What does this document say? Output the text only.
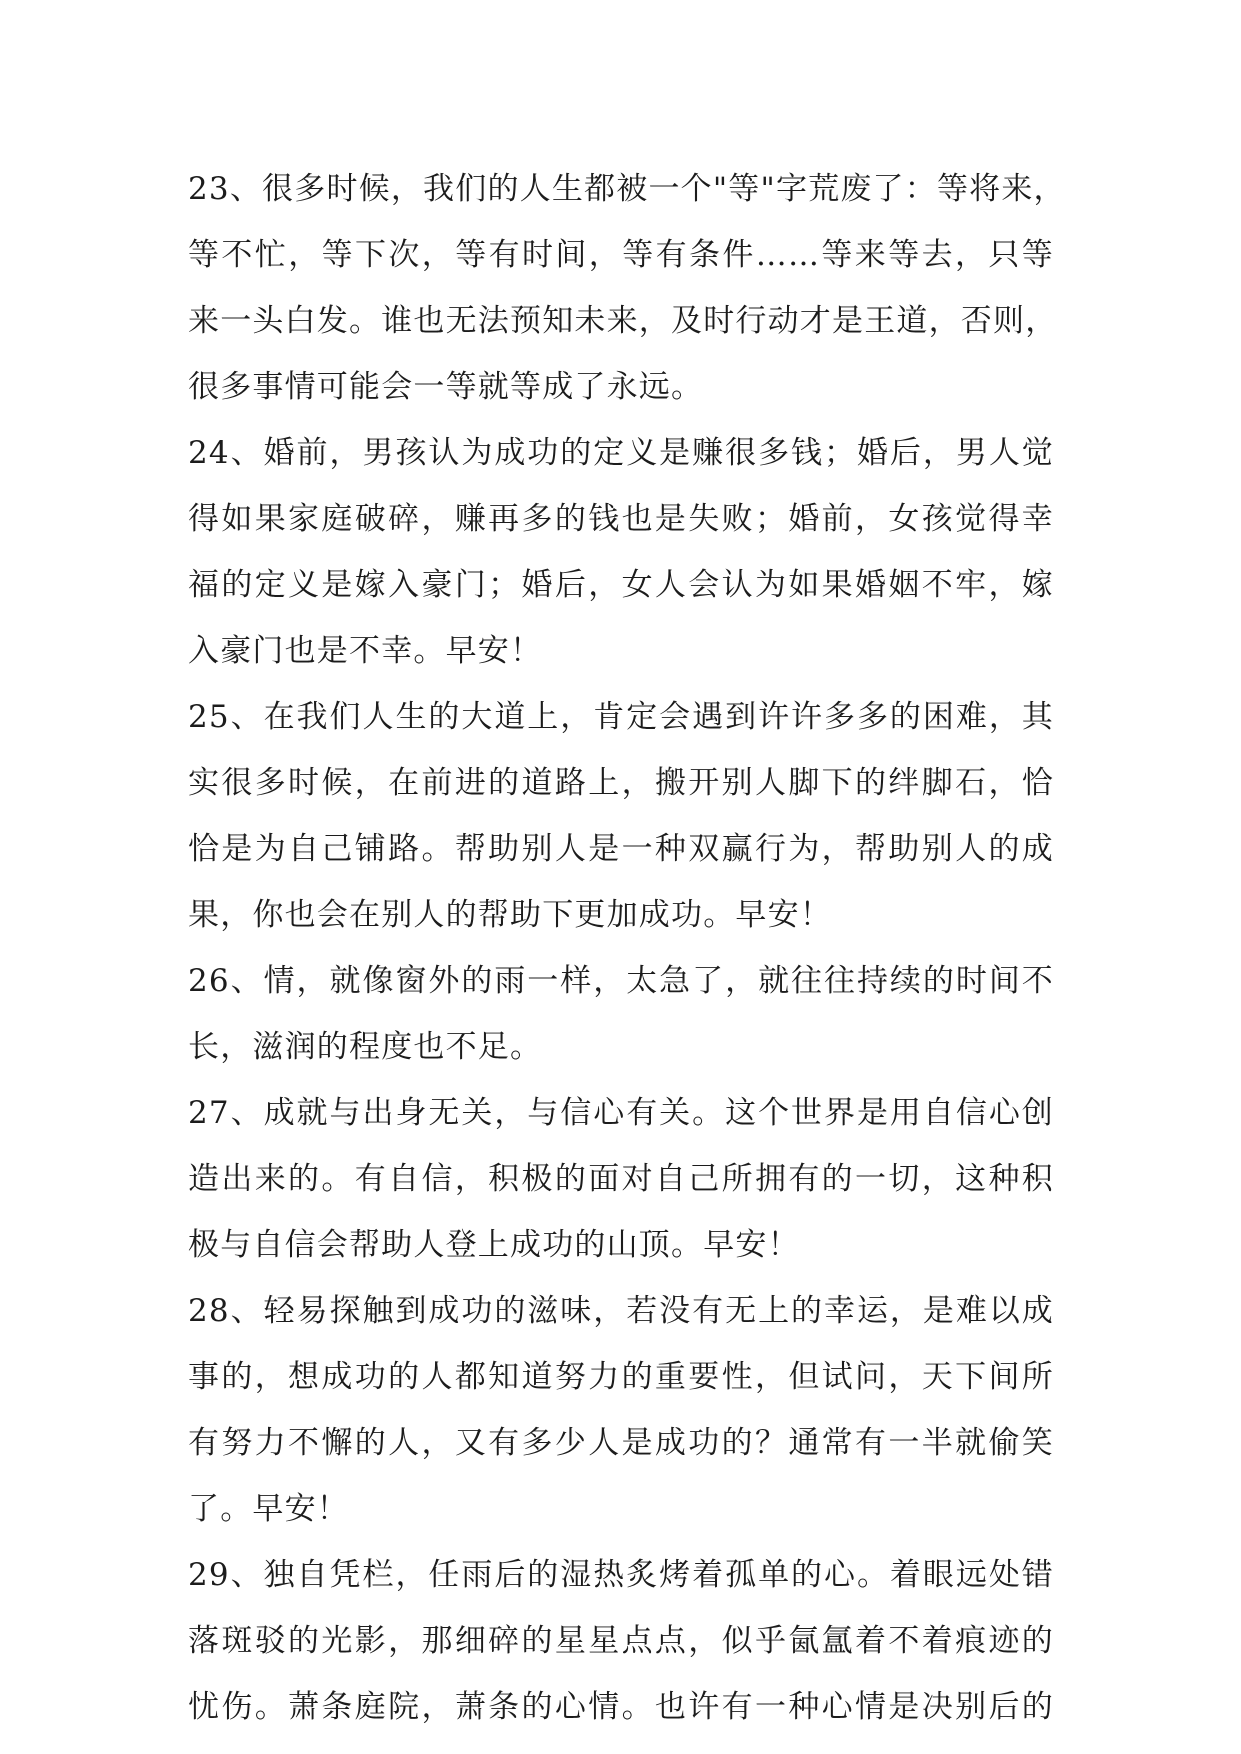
23、很多时候，我们的人生都被一个"等"字荒废了：等将来，
等不忙，等下次，等有时间，等有条件……等来等去，只等
来一头白发。谁也无法预知未来，及时行动才是王道，否则，
很多事情可能会一等就等成了永远。
24、婚前，男孩认为成功的定义是赚很多钱；婚后，男人觉
得如果家庭破碎，赚再多的钱也是失败；婚前，女孩觉得幸
福的定义是嫁入豪门；婚后，女人会认为如果婚姻不牢，嫁
入豪门也是不幸。早安！
25、在我们人生的大道上，肯定会遇到许许多多的困难，其
实很多时候，在前进的道路上，搬开别人脚下的绊脚石，恰
恰是为自己铺路。帮助别人是一种双赢行为，帮助别人的成
果，你也会在别人的帮助下更加成功。早安！
26、情，就像窗外的雨一样，太急了，就往往持续的时间不
长，滋润的程度也不足。
27、成就与出身无关，与信心有关。这个世界是用自信心创
造出来的。有自信，积极的面对自己所拥有的一切，这种积
极与自信会帮助人登上成功的山顶。早安！
28、轻易探触到成功的滋味，若没有无上的幸运，是难以成
事的，想成功的人都知道努力的重要性，但试问，天下间所
有努力不懈的人，又有多少人是成功的？通常有一半就偷笑
了。早安！
29、独自凭栏，任雨后的湿热炙烤着孤单的心。着眼远处错
落斑驳的光影，那细碎的星星点点，似乎氤氲着不着痕迹的
忧伤。萧条庭院，萧条的心情。也许有一种心情是决别后的
